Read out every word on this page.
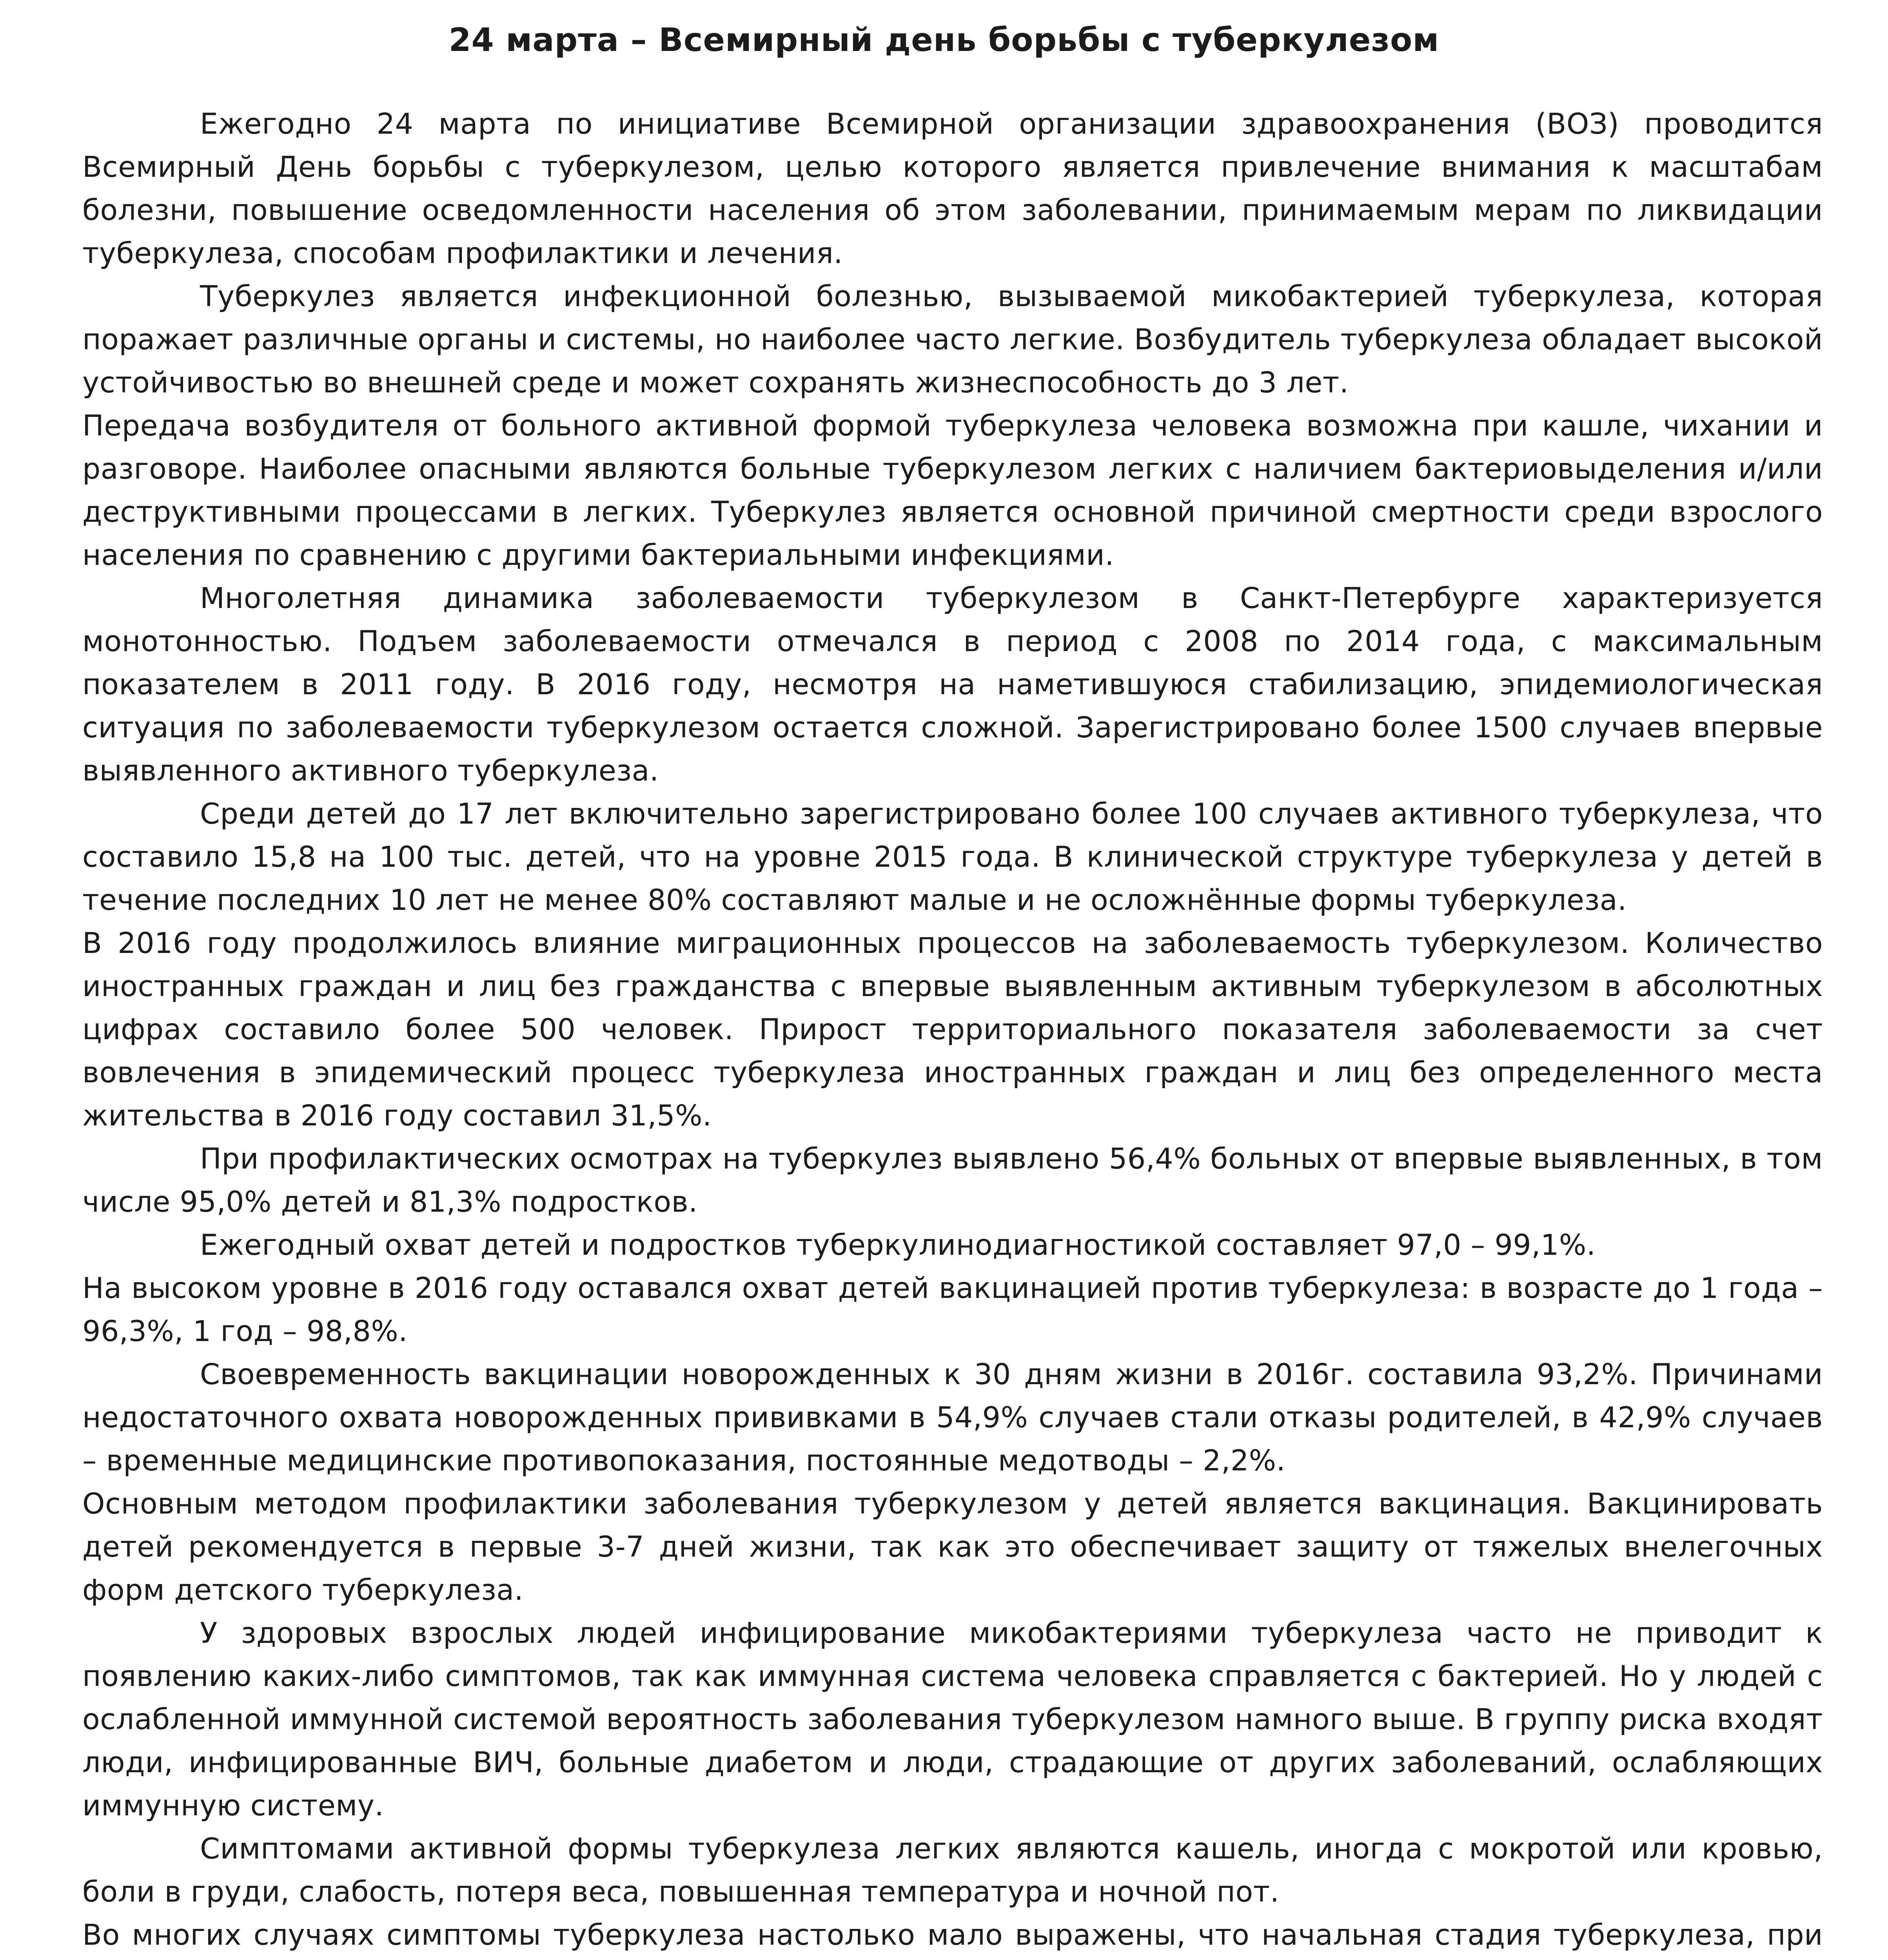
24 марта – Всемирный день борьбы с туберкулезом

Ежегодно 24 марта по инициативе Всемирной организации здравоохранения (ВОЗ) проводится Всемирный День борьбы с туберкулезом, целью которого является привлечение внимания к масштабам болезни, повышение осведомленности населения об этом заболевании, принимаемым мерам по ликвидации туберкулеза, способам профилактики и лечения.

Туберкулез является инфекционной болезнью, вызываемой микобактерией туберкулеза, которая поражает различные органы и системы, но наиболее часто легкие. Возбудитель туберкулеза обладает высокой устойчивостью во внешней среде и может сохранять жизнеспособность до 3 лет.

Передача возбудителя от больного активной формой туберкулеза человека возможна при кашле, чихании и разговоре. Наиболее опасными являются больные туберкулезом легких с наличием бактериовыделения и/или деструктивными процессами в легких. Туберкулез является основной причиной смертности среди взрослого населения по сравнению с другими бактериальными инфекциями.

Многолетняя динамика заболеваемости туберкулезом в Санкт-Петербурге характеризуется монотонностью. Подъем заболеваемости отмечался в период с 2008 по 2014 года, с максимальным показателем в 2011 году. В 2016 году, несмотря на наметившуюся стабилизацию, эпидемиологическая ситуация по заболеваемости туберкулезом остается сложной. Зарегистрировано более 1500 случаев впервые выявленного активного туберкулеза.

Среди детей до 17 лет включительно зарегистрировано более 100 случаев активного туберкулеза, что составило 15,8 на 100 тыс. детей, что на уровне 2015 года. В клинической структуре туберкулеза у детей в течение последних 10 лет не менее 80% составляют малые и не осложнённые формы туберкулеза.

В 2016 году продолжилось влияние миграционных процессов на заболеваемость туберкулезом. Количество иностранных граждан и лиц без гражданства с впервые выявленным активным туберкулезом в абсолютных цифрах составило более 500 человек. Прирост территориального показателя заболеваемости за счет вовлечения в эпидемический процесс туберкулеза иностранных граждан и лиц без определенного места жительства в 2016 году составил 31,5%.

При профилактических осмотрах на туберкулез выявлено 56,4% больных от впервые выявленных, в том числе 95,0% детей и 81,3% подростков.

Ежегодный охват детей и подростков туберкулинодиагностикой составляет 97,0 – 99,1%.

На высоком уровне в 2016 году оставался охват детей вакцинацией против туберкулеза: в возрасте до 1 года – 96,3%, 1 год – 98,8%.

Своевременность вакцинации новорожденных к 30 дням жизни в 2016г. составила 93,2%. Причинами недостаточного охвата новорожденных прививками в 54,9% случаев стали отказы родителей, в 42,9% случаев – временные медицинские противопоказания, постоянные медотводы – 2,2%.

Основным методом профилактики заболевания туберкулезом у детей является вакцинация. Вакцинировать детей рекомендуется в первые 3-7 дней жизни, так как это обеспечивает защиту от тяжелых внелегочных форм детского туберкулеза.

У здоровых взрослых людей инфицирование микобактериями туберкулеза часто не приводит к появлению каких-либо симптомов, так как иммунная система человека справляется с бактерией. Но у людей с ослабленной иммунной системой вероятность заболевания туберкулезом намного выше. В группу риска входят люди, инфицированные ВИЧ, больные диабетом и люди, страдающие от других заболеваний, ослабляющих иммунную систему.

Симптомами активной формы туберкулеза легких являются кашель, иногда с мокротой или кровью, боли в груди, слабость, потеря веса, повышенная температура и ночной пот.

Во многих случаях симптомы туберкулеза настолько мало выражены, что начальная стадия туберкулеза, при
